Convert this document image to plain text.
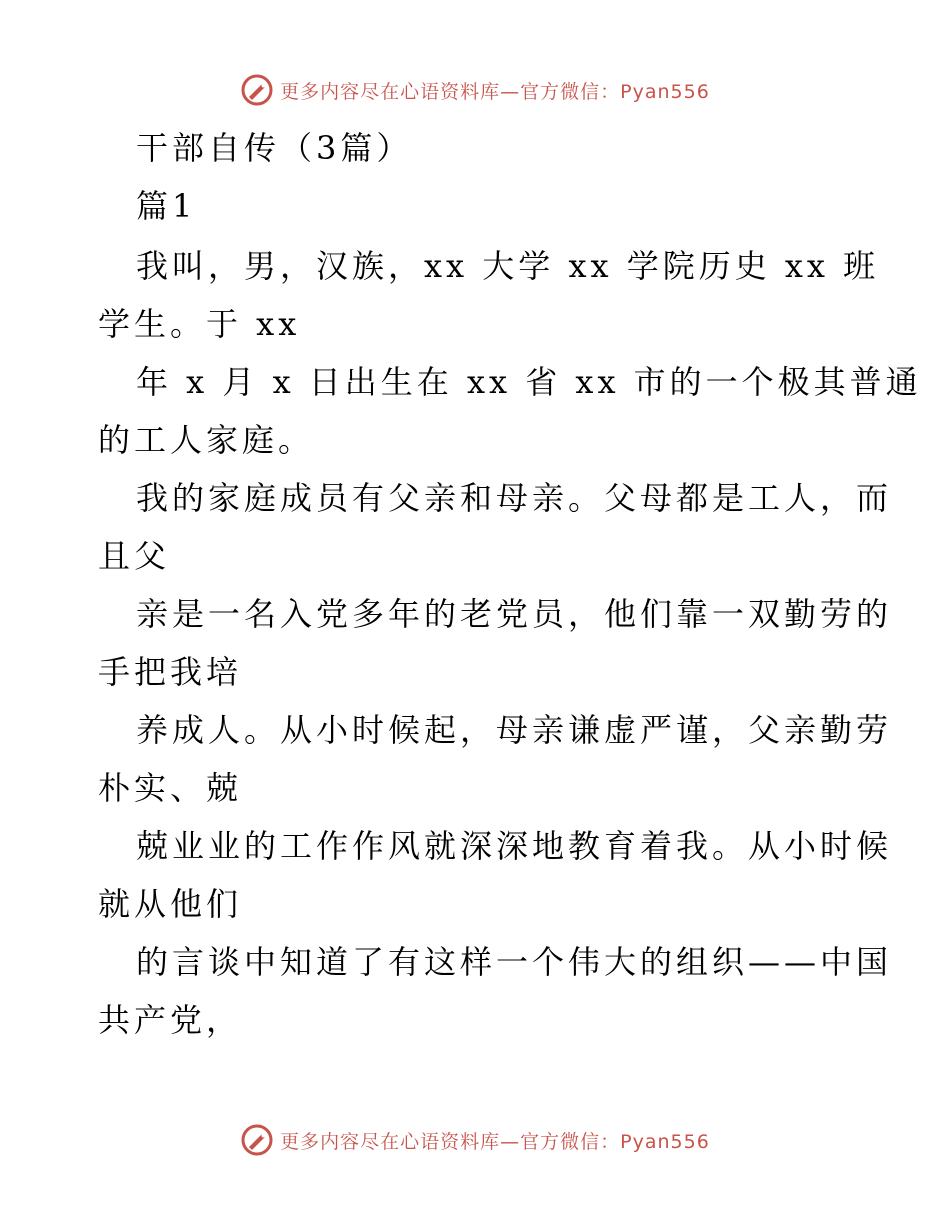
更多内容尽在心语资料库—官方微信：Pyan556
干部自传（3篇）
篇1
我叫，男，汉族，xx 大学 xx 学院历史 xx 班
学生。于 xx
年 x 月 x 日出生在 xx 省 xx 市的一个极其普通
的工人家庭。
我的家庭成员有父亲和母亲。父母都是工人，而
且父
亲是一名入党多年的老党员，他们靠一双勤劳的
手把我培
养成人。从小时候起，母亲谦虚严谨，父亲勤劳
朴实、兢
兢业业的工作作风就深深地教育着我。从小时候
就从他们
的言谈中知道了有这样一个伟大的组织——中国
共产党，
更多内容尽在心语资料库—官方微信：Pyan556
